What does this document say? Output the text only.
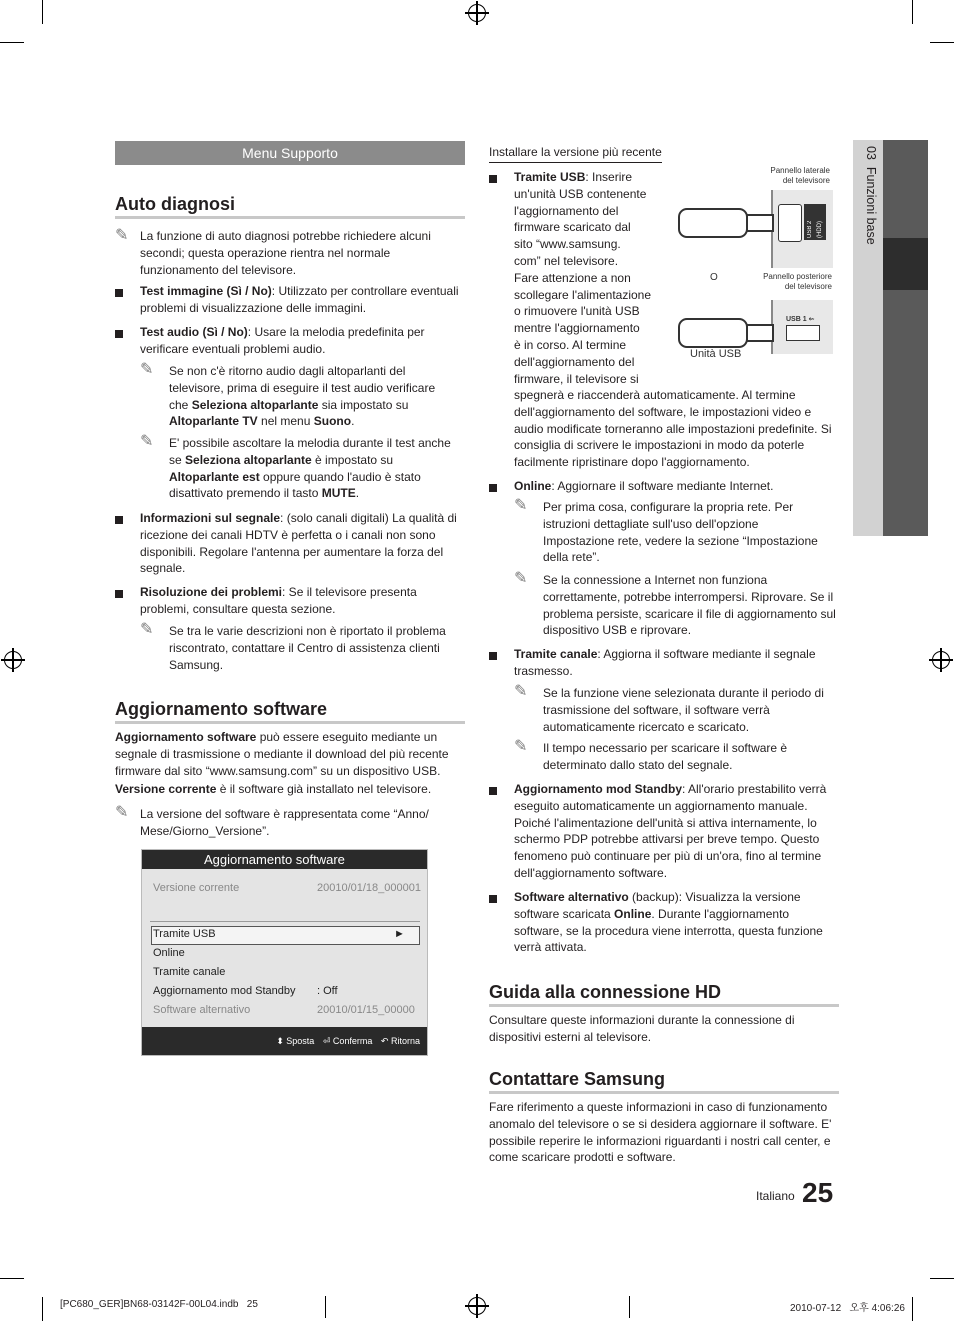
03  Funzioni base
Menu Supporto
Auto diagnosi
✎ La funzione di auto diagnosi potrebbe richiedere alcuni secondi; questa operazione rientra nel normale funzionamento del televisore.

Test immagine (Sì / No): Utilizzato per controllare eventuali problemi di visualizzazione delle immagini.

Test audio (Sì / No): Usare la melodia predefinita per verificare eventuali problemi audio.

✎ Se non c'è ritorno audio dagli altoparlanti del televisore, prima di eseguire il test audio verificare che Seleziona altoparlante sia impostato su Altoparlante TV nel menu Suono.

✎ E' possibile ascoltare la melodia durante il test anche se Seleziona altoparlante è impostato su Altoparlante est oppure quando l'audio è stato disattivato premendo il tasto MUTE.

Informazioni sul segnale: (solo canali digitali) La qualità di ricezione dei canali HDTV è perfetta o i canali non sono disponibili. Regolare l'antenna per aumentare la forza del segnale.

Risoluzione dei problemi: Se il televisore presenta problemi, consultare questa sezione.

✎ Se tra le varie descrizioni non è riportato il problema riscontrato, contattare il Centro di assistenza clienti Samsung.

Aggiornamento software

Aggiornamento software può essere eseguito mediante un segnale di trasmissione o mediante il download del più recente firmware dal sito “www.samsung.com” su un dispositivo USB.

Versione corrente è il software già installato nel televisore.

✎ La versione del software è rappresentata come “Anno/ Mese/Giorno_Versione”.

Aggiornamento software
Versione corrente	20010/01/18_000001
Tramite USB	►
Online
Tramite canale
Aggiornamento mod Standby : Off
Software alternativo	20010/01/15_00000
⬍ Sposta ⏎ Conferma ↶ Ritorna
Installare la versione più recente
Tramite USB: Inserire
un'unità USB contenente
l'aggiornamento del
firmware scaricato dal
sito “www.samsung.
com” nel televisore.
Fare attenzione a non
scollegare l'alimentazione
o rimuovere l'unità USB
mentre l'aggiornamento
è in corso. Al termine
dell'aggiornamento del
firmware, il televisore si

spegnerà e riaccenderà automaticamente. Al termine dell'aggiornamento del software, le impostazioni video e audio modificate torneranno alle impostazioni predefinite. Si consiglia di scrivere le impostazioni in modo da poterle facilmente ripristinare dopo l'aggiornamento.

Pannello laterale del televisore
USB 2 (HDD)
O	Pannello posteriore del televisore
USB 1 ⇜
Unità USB

Online: Aggiornare il software mediante Internet.

✎ Per prima cosa, configurare la propria rete. Per istruzioni dettagliate sull'uso dell'opzione Impostazione rete, vedere la sezione “Impostazione della rete”.

✎ Se la connessione a Internet non funziona correttamente, potrebbe interrompersi. Riprovare. Se il problema persiste, scaricare il file di aggiornamento sul dispositivo USB e riprovare.

Tramite canale: Aggiorna il software mediante il segnale trasmesso.

✎ Se la funzione viene selezionata durante il periodo di trasmissione del software, il software verrà automaticamente ricercato e scaricato.

✎ Il tempo necessario per scaricare il software è determinato dallo stato del segnale.

Aggiornamento mod Standby: All'orario prestabilito verrà eseguito automaticamente un aggiornamento manuale. Poiché l'alimentazione dell'unità si attiva internamente, lo schermo PDP potrebbe attivarsi per breve tempo. Questo fenomeno può continuare per più di un'ora, fino al termine dell'aggiornamento software.

Software alternativo (backup): Visualizza la versione software scaricata Online. Durante l'aggiornamento software, se la procedura viene interrotta, questa funzione verrà attivata.

Guida alla connessione HD

Consultare queste informazioni durante la connessione di dispositivi esterni al televisore.

Contattare Samsung

Fare riferimento a queste informazioni in caso di funzionamento anomalo del televisore o se si desidera aggiornare il software. E' possibile reperire le informazioni riguardanti i nostri call center, e come scaricare prodotti e software.

Italiano 25
[PC680_GER]BN68-03142F-00L04.indb   25	2010-07-12   오후 4:06:26
